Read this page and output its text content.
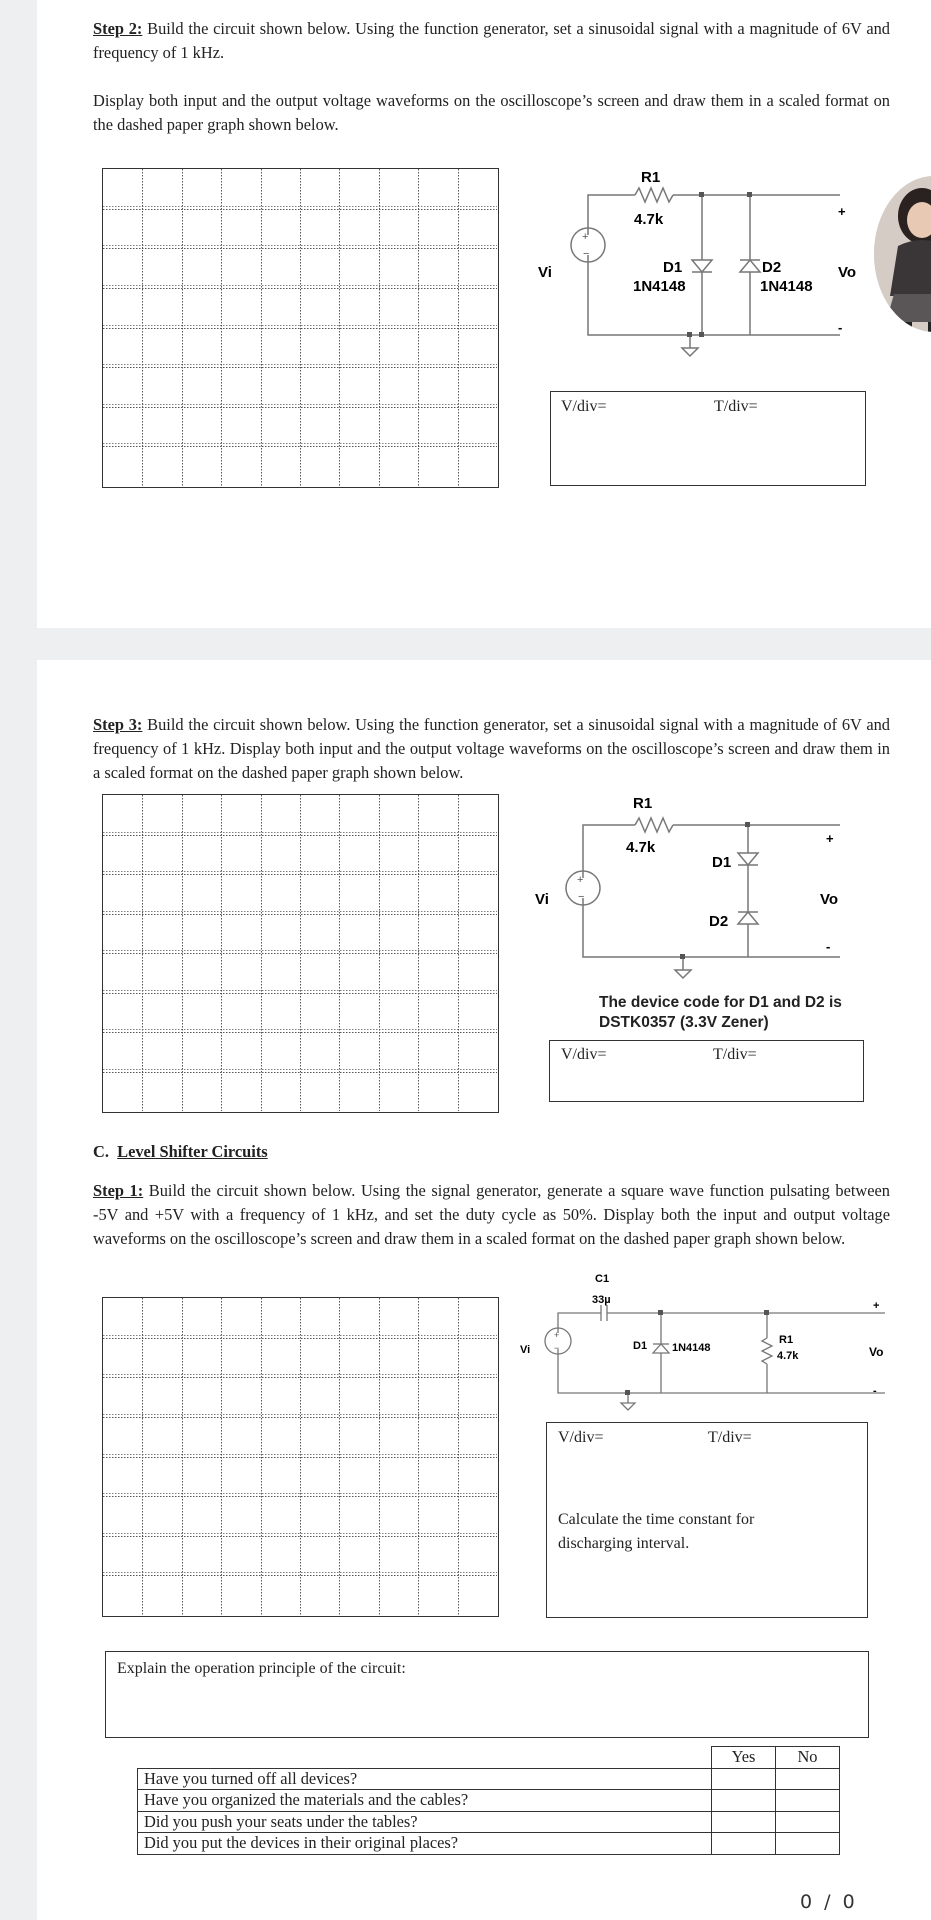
Step 2: Build the circuit shown below. Using the function generator, set a sinusoidal signal with a magnitude of 6V and frequency of 1 kHz.
Display both input and the output voltage waveforms on the oscilloscope’s screen and draw them in a scaled format on the dashed paper graph shown below.
+
−
R1
4.7k
Vi	D1
1N4148
D2
1N4148
+
-
Vo
V/div=	T/div=
Step 3: Build the circuit shown below. Using the function generator, set a sinusoidal signal with a magnitude of 6V and frequency of 1 kHz. Display both input and the output voltage waveforms on the oscilloscope’s screen and draw them in a scaled format on the dashed paper graph shown below.
+
−
R1
4.7k
Vi
D1
D2
+
-
Vo
The device code for D1 and D2 is
DSTK0357 (3.3V Zener)
V/div=	T/div=
C. Level Shifter Circuits
Step 1: Build the circuit shown below. Using the signal generator, generate a square wave function pulsating between -5V and +5V with a frequency of 1 kHz, and set the duty cycle as 50%. Display both the input and output voltage waveforms on the oscilloscope’s screen and draw them in a scaled format on the dashed paper graph shown below.
+
−
C1
33µ
Vi	D1 1N4148
R1
4.7k
+
-
Vo
V/div=	T/div=
Calculate the time constant for discharging interval.
Explain the operation principle of the circuit:
	Yes	No
Have you turned off all devices?		
Have you organized the materials and the cables?		
Did you push your seats under the tables?		
Did you put the devices in their original places?		
0 / 0
